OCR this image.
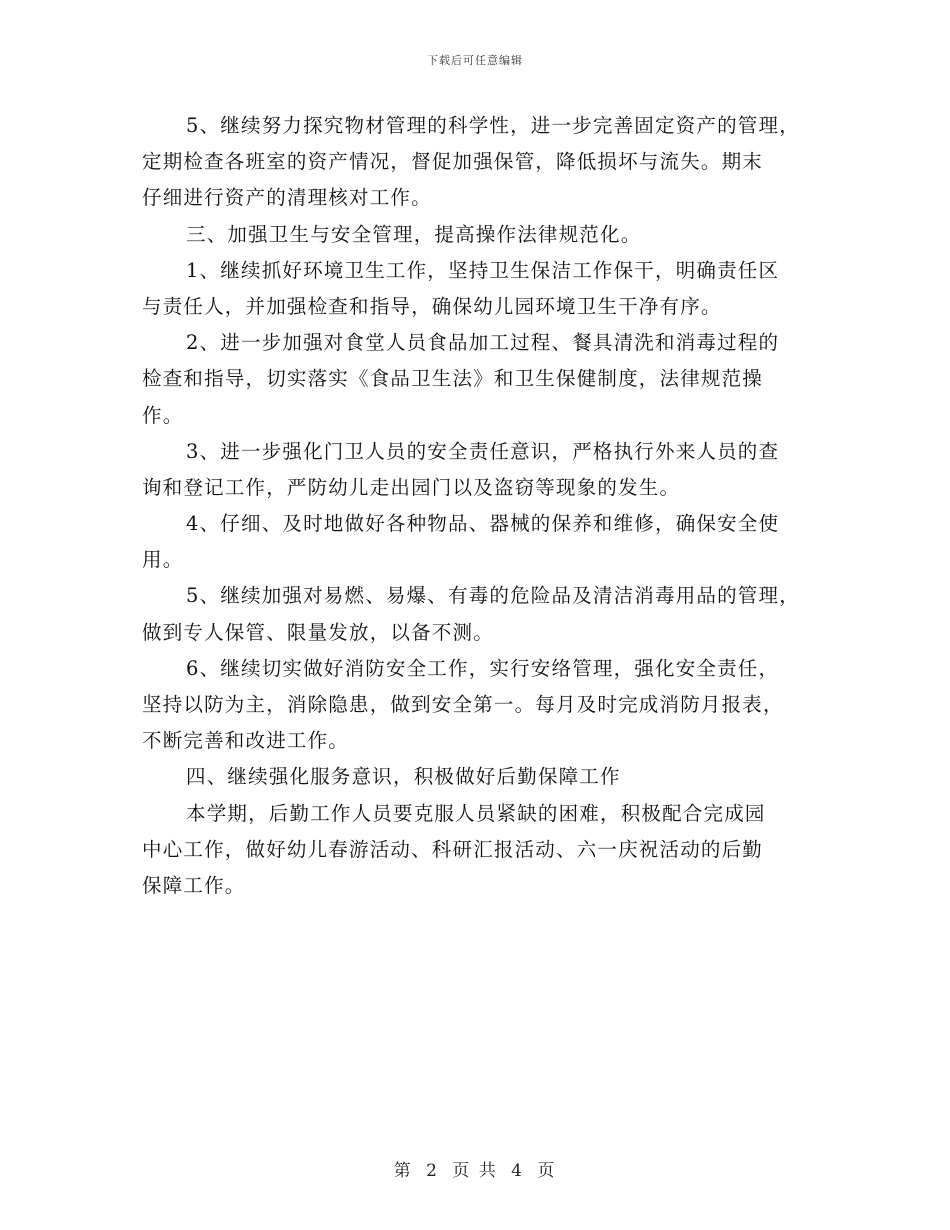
下载后可任意编辑
5、继续努力探究物材管理的科学性，进一步完善固定资产的管理，
定期检查各班室的资产情况，督促加强保管，降低损坏与流失。期末
仔细进行资产的清理核对工作。
三、加强卫生与安全管理，提高操作法律规范化。
1、继续抓好环境卫生工作，坚持卫生保洁工作保干，明确责任区
与责任人，并加强检查和指导，确保幼儿园环境卫生干净有序。
2、进一步加强对食堂人员食品加工过程、餐具清洗和消毒过程的
检查和指导，切实落实《食品卫生法》和卫生保健制度，法律规范操
作。
3、进一步强化门卫人员的安全责任意识，严格执行外来人员的查
询和登记工作，严防幼儿走出园门以及盗窃等现象的发生。
4、仔细、及时地做好各种物品、器械的保养和维修，确保安全使
用。
5、继续加强对易燃、易爆、有毒的危险品及清洁消毒用品的管理，
做到专人保管、限量发放，以备不测。
6、继续切实做好消防安全工作，实行安络管理，强化安全责任，
坚持以防为主，消除隐患，做到安全第一。每月及时完成消防月报表，
不断完善和改进工作。
四、继续强化服务意识，积极做好后勤保障工作
本学期，后勤工作人员要克服人员紧缺的困难，积极配合完成园
中心工作，做好幼儿春游活动、科研汇报活动、六一庆祝活动的后勤
保障工作。
第 2 页 共 4 页
